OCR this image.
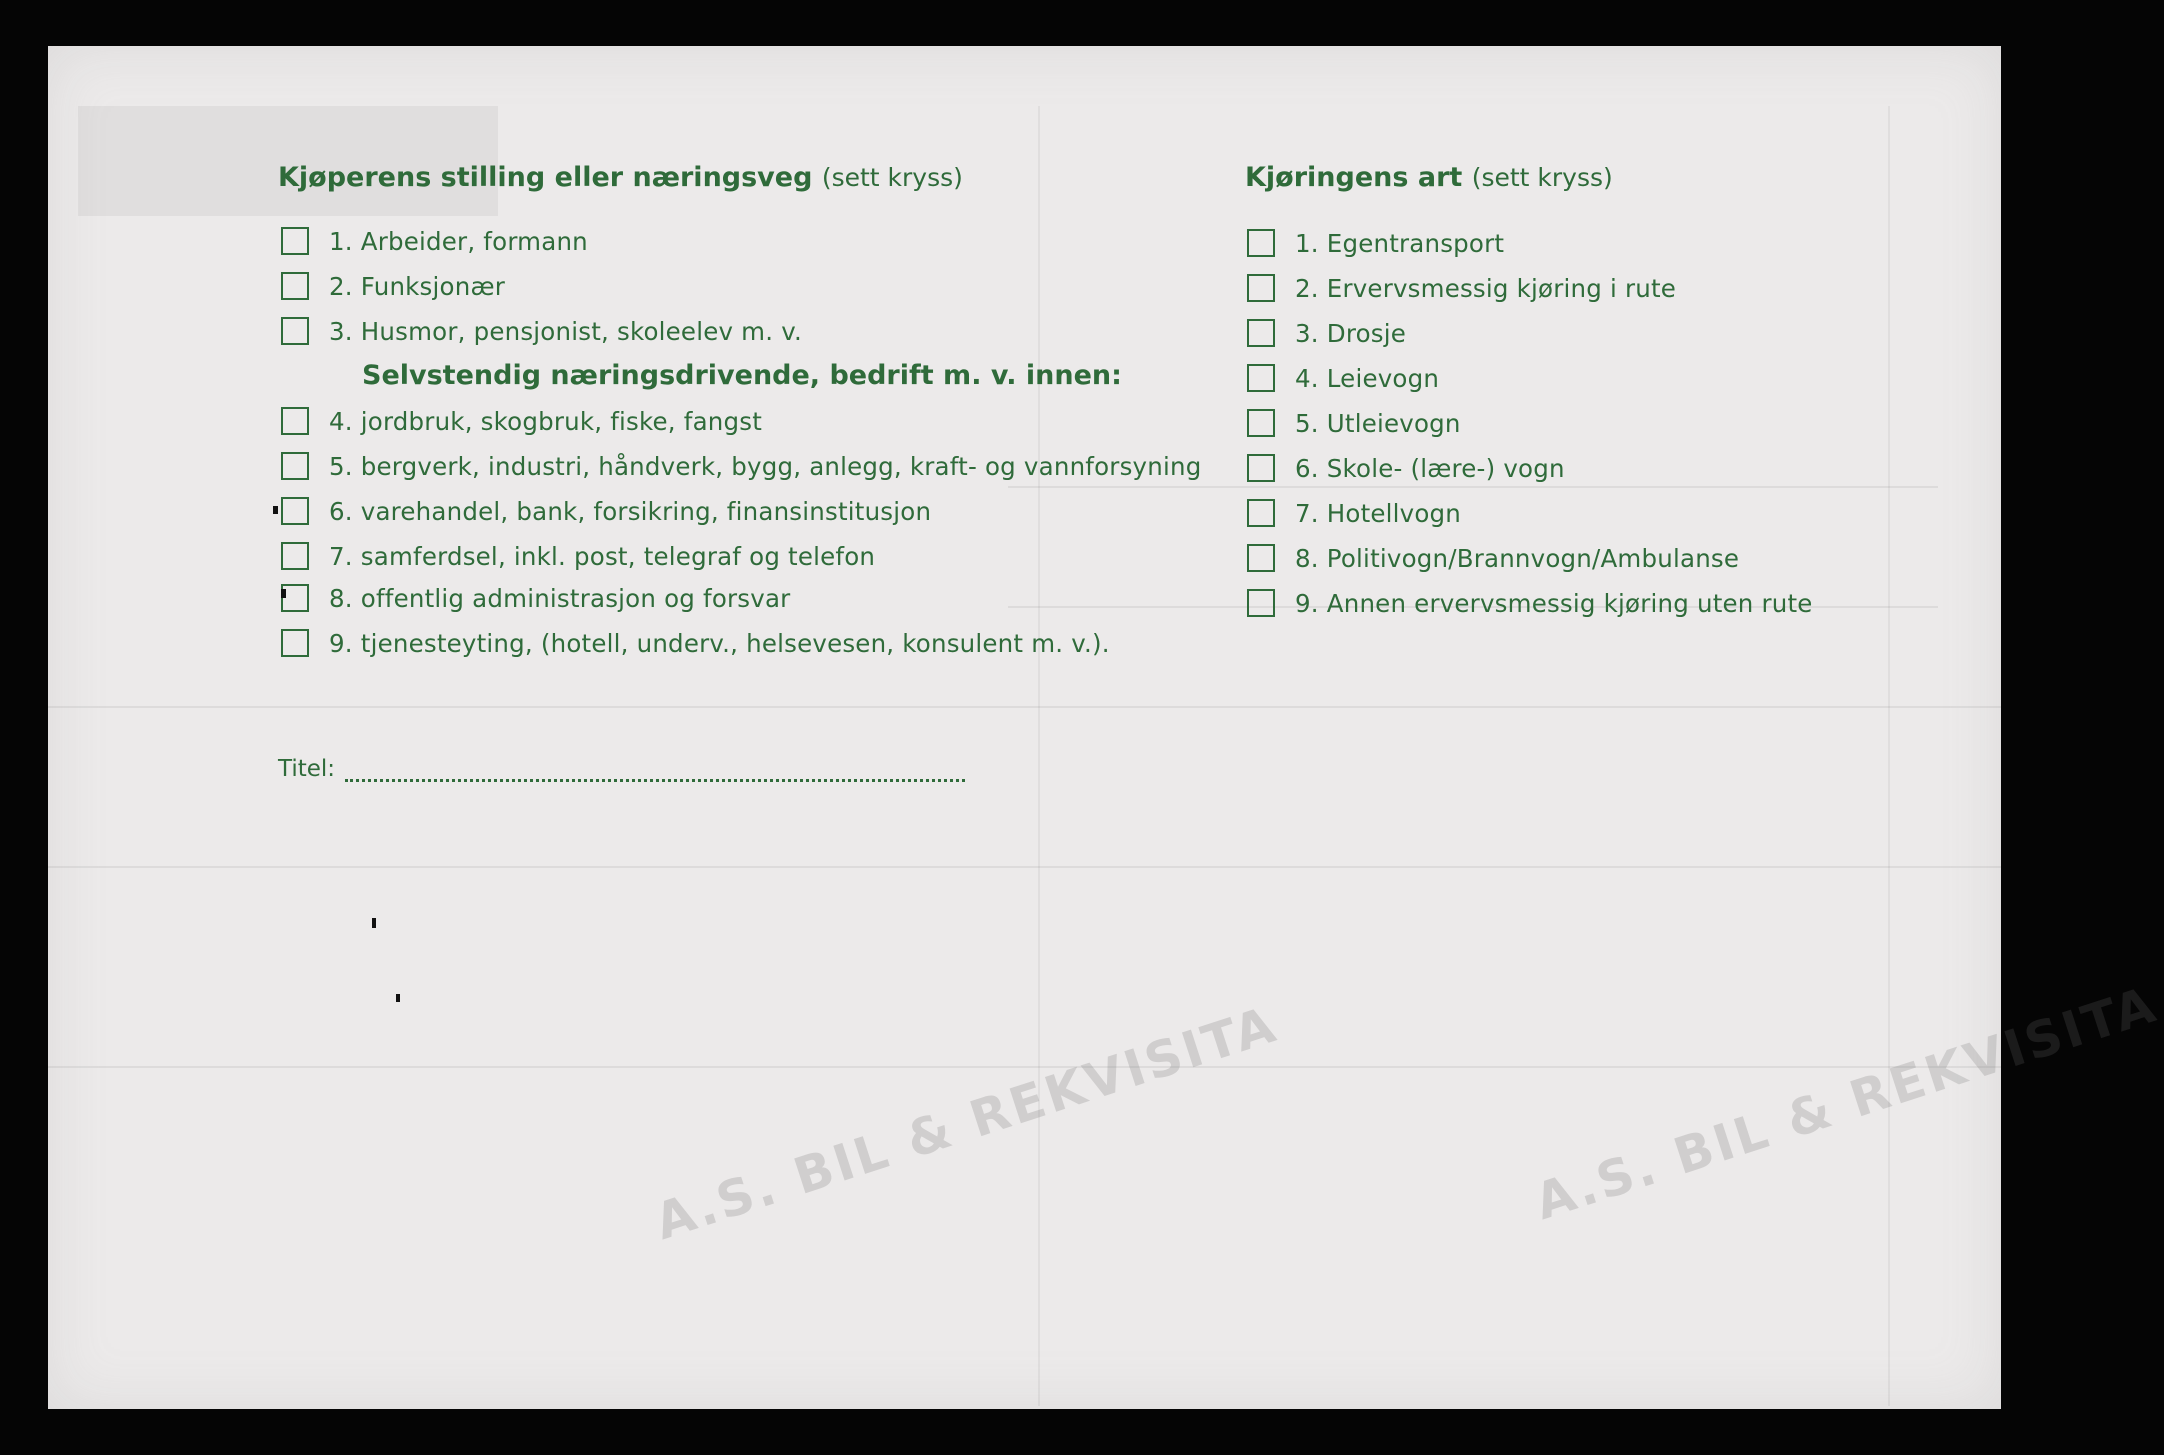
A.S. BIL & REKVISITA	A.S. BIL & REKVISITA
Kjøperens stilling eller næringsveg (sett kryss)
1. Arbeider, formann
2. Funksjonær
3. Husmor, pensjonist, skoleelev m. v.
Selvstendig næringsdrivende, bedrift m. v. innen:
4. jordbruk, skogbruk, fiske, fangst
5. bergverk, industri, håndverk, bygg, anlegg, kraft- og vannforsyning
6. varehandel, bank, forsikring, finansinstitusjon
7. samferdsel, inkl. post, telegraf og telefon
8. offentlig administrasjon og forsvar
9. tjenesteyting, (hotell, underv., helsevesen, konsulent m. v.).
Titel:
Kjøringens art (sett kryss)
1. Egentransport
2. Ervervsmessig kjøring i rute
3. Drosje
4. Leievogn
5. Utleievogn
6. Skole- (lære-) vogn
7. Hotellvogn
8. Politivogn/Brannvogn/Ambulanse
9. Annen ervervsmessig kjøring uten rute
